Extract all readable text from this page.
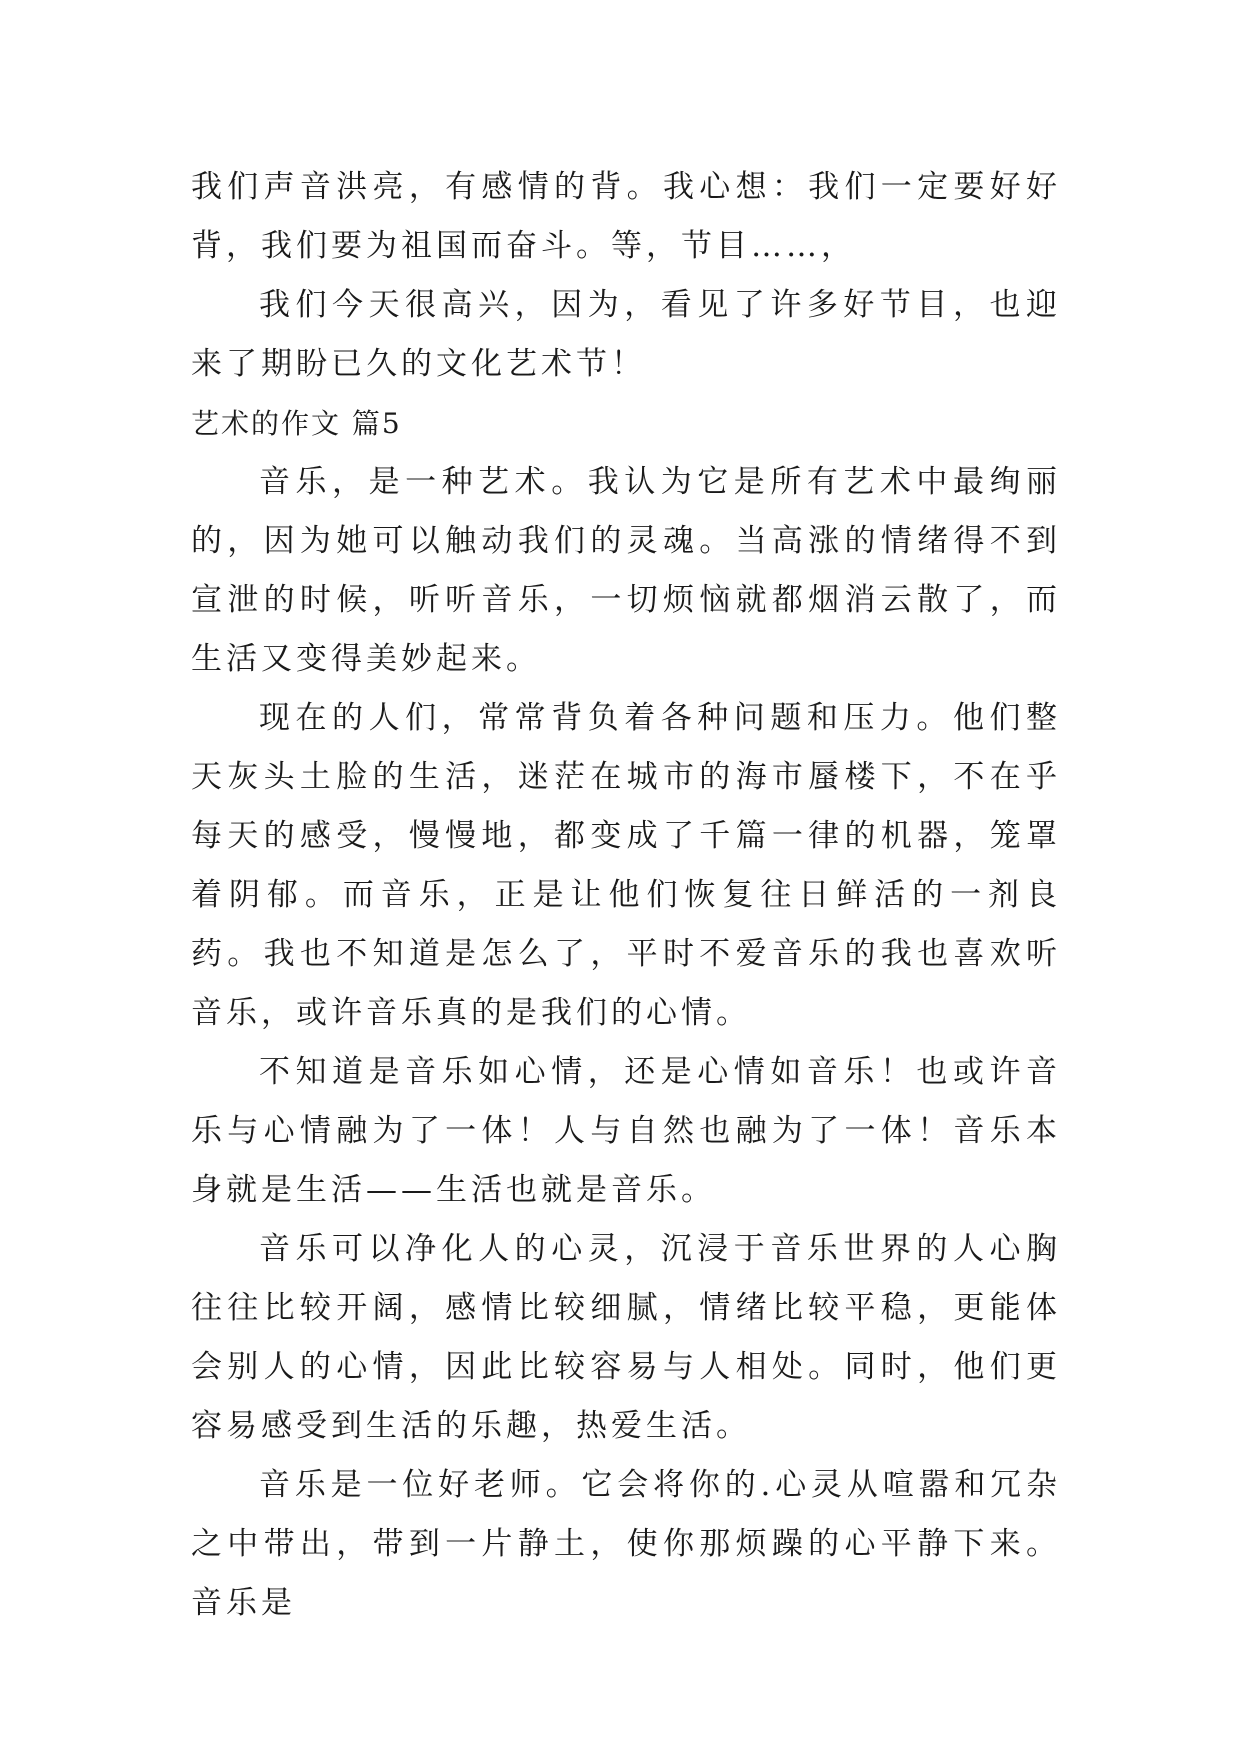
我们声音洪亮，有感情的背。我心想：我们一定要好好背，我们要为祖国而奋斗。等，节目……，

我们今天很高兴，因为，看见了许多好节目，也迎来了期盼已久的文化艺术节！

艺术的作文 篇5

音乐，是一种艺术。我认为它是所有艺术中最绚丽的，因为她可以触动我们的灵魂。当高涨的情绪得不到宣泄的时候，听听音乐，一切烦恼就都烟消云散了，而生活又变得美妙起来。

现在的人们，常常背负着各种问题和压力。他们整天灰头土脸的生活，迷茫在城市的海市蜃楼下，不在乎每天的感受，慢慢地，都变成了千篇一律的机器，笼罩着阴郁。而音乐，正是让他们恢复往日鲜活的一剂良药。我也不知道是怎么了，平时不爱音乐的我也喜欢听音乐，或许音乐真的是我们的心情。

不知道是音乐如心情，还是心情如音乐！也或许音乐与心情融为了一体！人与自然也融为了一体！音乐本身就是生活——生活也就是音乐。

音乐可以净化人的心灵，沉浸于音乐世界的人心胸往往比较开阔，感情比较细腻，情绪比较平稳，更能体会别人的心情，因此比较容易与人相处。同时，他们更容易感受到生活的乐趣，热爱生活。

音乐是一位好老师。它会将你的.心灵从喧嚣和冗杂之中带出，带到一片静土，使你那烦躁的心平静下来。音乐是
